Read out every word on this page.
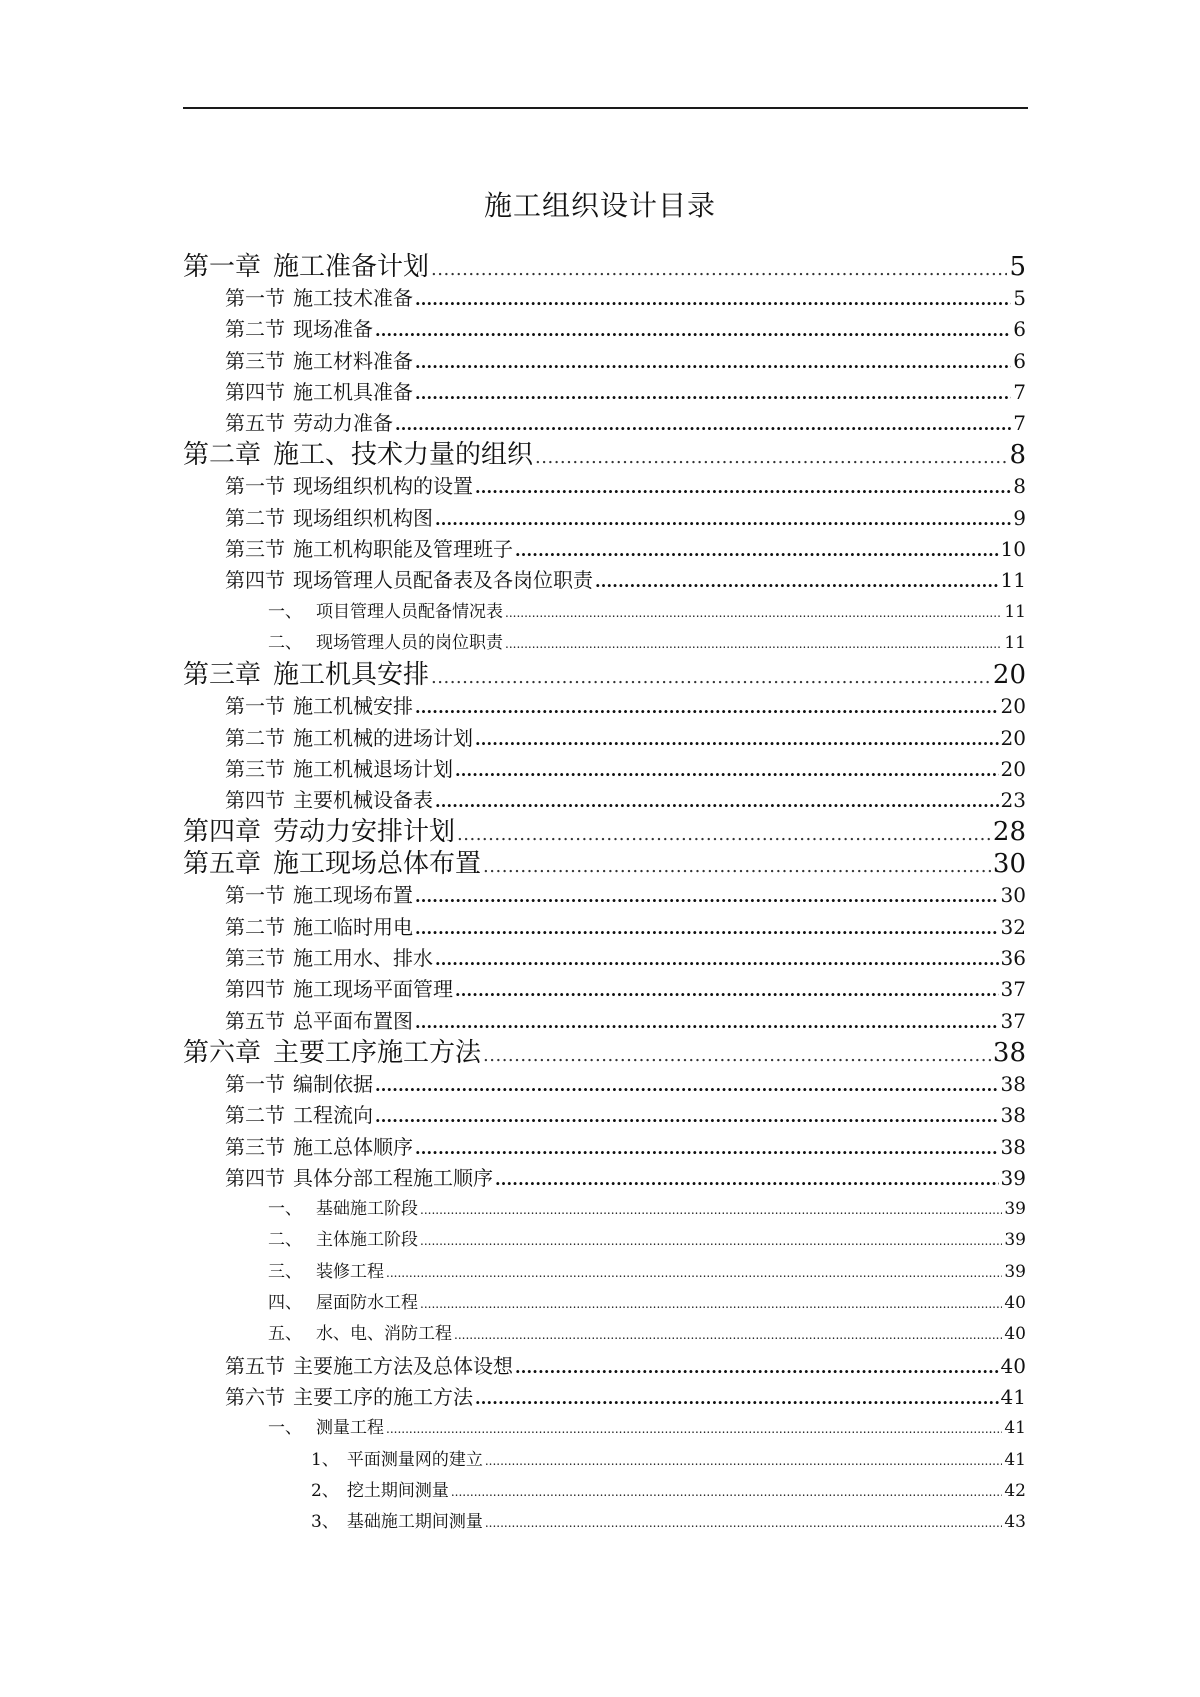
施工组织设计目录
第一章 施工准备计划 .....	5
第一节 施工技术准备 .....	5
第二节 现场准备 .....	6
第三节 施工材料准备 .....	6
第四节 施工机具准备 .....	7
第五节 劳动力准备 .....	7
第二章 施工、技术力量的组织 .....	8
第一节 现场组织机构的设置 .....	8
第二节 现场组织机构图 .....	9
第三节 施工机构职能及管理班子 .....	10
第四节 现场管理人员配备表及各岗位职责 .....	11
一、 项目管理人员配备情况表 .....	11
二、 现场管理人员的岗位职责 .....	11
第三章 施工机具安排 .....	20
第一节 施工机械安排 .....	20
第二节 施工机械的进场计划 .....	20
第三节 施工机械退场计划 .....	20
第四节 主要机械设备表 .....	23
第四章 劳动力安排计划 .....	28
第五章 施工现场总体布置 .....	30
第一节 施工现场布置 .....	30
第二节 施工临时用电 .....	32
第三节 施工用水、排水 .....	36
第四节 施工现场平面管理 .....	37
第五节 总平面布置图 .....	37
第六章 主要工序施工方法 .....	38
第一节 编制依据 .....	38
第二节 工程流向 .....	38
第三节 施工总体顺序 .....	38
第四节 具体分部工程施工顺序 .....	39
一、 基础施工阶段 .....	39
二、 主体施工阶段 .....	39
三、 装修工程 .....	39
四、 屋面防水工程 .....	40
五、 水、电、消防工程 .....	40
第五节 主要施工方法及总体设想 .....	40
第六节 主要工序的施工方法 .....	41
一、 测量工程 .....	41
1、 平面测量网的建立 .....	41
2、 挖土期间测量 .....	42
3、 基础施工期间测量 .....	43
